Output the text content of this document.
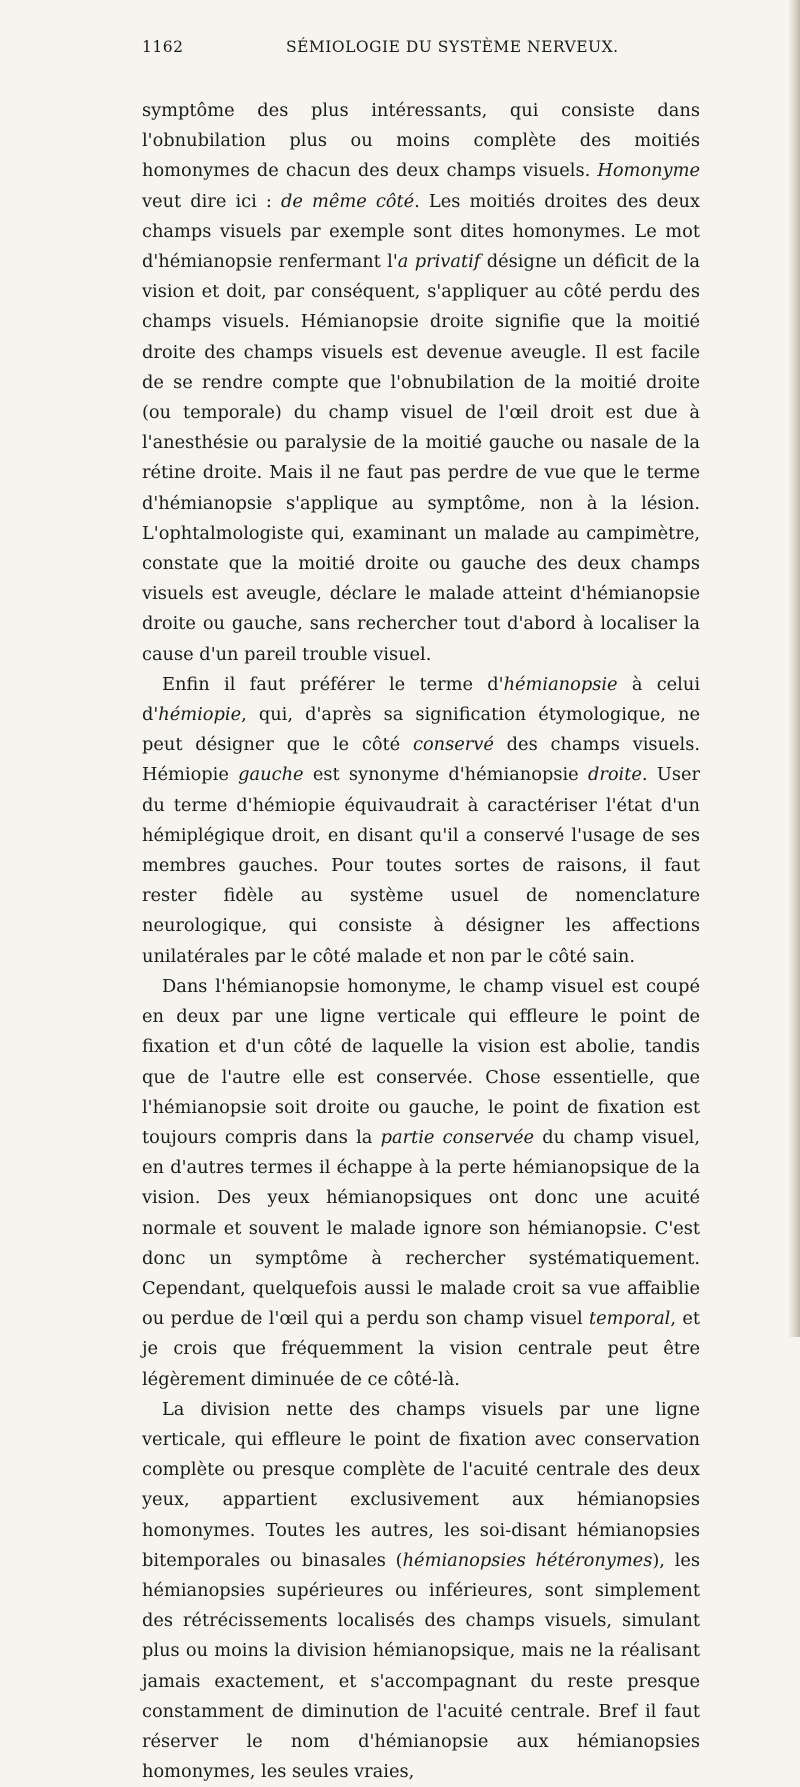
1162	SÉMIOLOGIE DU SYSTÈME NERVEUX.

symptôme des plus intéressants, qui consiste dans l'obnubilation plus ou moins complète des moitiés homonymes de chacun des deux champs visuels. Homonyme veut dire ici : de même côté. Les moitiés droites des deux champs visuels par exemple sont dites homonymes. Le mot d'hémianopsie renfermant l'a privatif désigne un déficit de la vision et doit, par conséquent, s'appliquer au côté perdu des champs visuels. Hémianopsie droite signifie que la moitié droite des champs visuels est devenue aveugle. Il est facile de se rendre compte que l'obnubilation de la moitié droite (ou temporale) du champ visuel de l'œil droit est due à l'anesthésie ou paralysie de la moitié gauche ou nasale de la rétine droite. Mais il ne faut pas perdre de vue que le terme d'hémianopsie s'applique au symptôme, non à la lésion. L'ophtalmologiste qui, examinant un malade au campimètre, constate que la moitié droite ou gauche des deux champs visuels est aveugle, déclare le malade atteint d'hémianopsie droite ou gauche, sans rechercher tout d'abord à localiser la cause d'un pareil trouble visuel.

Enfin il faut préférer le terme d'hémianopsie à celui d'hémiopie, qui, d'après sa signification étymologique, ne peut désigner que le côté conservé des champs visuels. Hémiopie gauche est synonyme d'hémianopsie droite. User du terme d'hémiopie équivaudrait à caractériser l'état d'un hémiplégique droit, en disant qu'il a conservé l'usage de ses membres gauches. Pour toutes sortes de raisons, il faut rester fidèle au système usuel de nomenclature neurologique, qui consiste à désigner les affections unilatérales par le côté malade et non par le côté sain.

Dans l'hémianopsie homonyme, le champ visuel est coupé en deux par une ligne verticale qui effleure le point de fixation et d'un côté de laquelle la vision est abolie, tandis que de l'autre elle est conservée. Chose essentielle, que l'hémianopsie soit droite ou gauche, le point de fixation est toujours compris dans la partie conservée du champ visuel, en d'autres termes il échappe à la perte hémianopsique de la vision. Des yeux hémianopsiques ont donc une acuité normale et souvent le malade ignore son hémianopsie. C'est donc un symptôme à rechercher systématiquement. Cependant, quelquefois aussi le malade croit sa vue affaiblie ou perdue de l'œil qui a perdu son champ visuel temporal, et je crois que fréquemment la vision centrale peut être légèrement diminuée de ce côté-là.

La division nette des champs visuels par une ligne verticale, qui effleure le point de fixation avec conservation complète ou presque complète de l'acuité centrale des deux yeux, appartient exclusivement aux hémianopsies homonymes. Toutes les autres, les soi-disant hémianopsies bitemporales ou binasales (hémianopsies hétéronymes), les hémianopsies supérieures ou inférieures, sont simplement des rétrécissements localisés des champs visuels, simulant plus ou moins la division hémianopsique, mais ne la réalisant jamais exactement, et s'accompagnant du reste presque constamment de diminution de l'acuité centrale. Bref il faut réserver le nom d'hémianopsie aux hémianopsies homonymes, les seules vraies,
